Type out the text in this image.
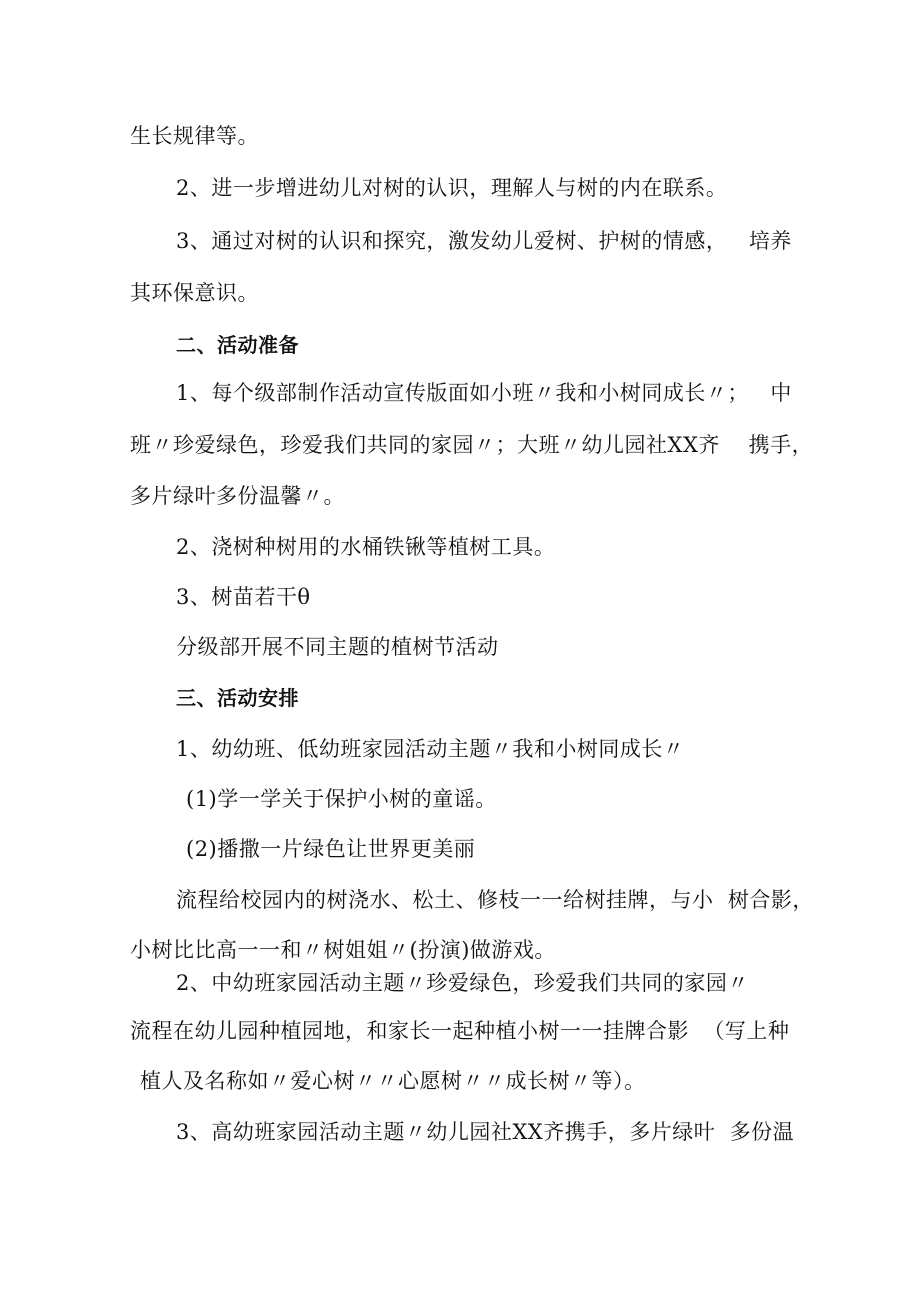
生长规律等。
2、进一步增进幼儿对树的认识，理解人与树的内在联系。
3、通过对树的认识和探究，激发幼儿爱树、护树的情感，   培养
其环保意识。
二、活动准备
1、每个级部制作活动宣传版面如小班〃我和小树同成长〃；   中
班〃珍爱绿色，珍爱我们共同的家园〃；大班〃幼儿园社XX齐    携手，
多片绿叶多份温馨〃。
2、浇树种树用的水桶铁锹等植树工具。
3、树苗若干θ
分级部开展不同主题的植树节活动
三、活动安排
1、幼幼班、低幼班家园活动主题〃我和小树同成长〃
(1)学一学关于保护小树的童谣。
(2)播撒一片绿色让世界更美丽
流程给校园内的树浇水、松土、修枝一一给树挂牌，与小  树合影，
小树比比高一一和〃树姐姐〃(扮演)做游戏。
2、中幼班家园活动主题〃珍爱绿色，珍爱我们共同的家园〃
流程在幼儿园种植园地，和家长一起种植小树一一挂牌合影  （写上种
植人及名称如〃爱心树〃〃心愿树〃〃成长树〃等）。
3、高幼班家园活动主题〃幼儿园社XX齐携手，多片绿叶  多份温
